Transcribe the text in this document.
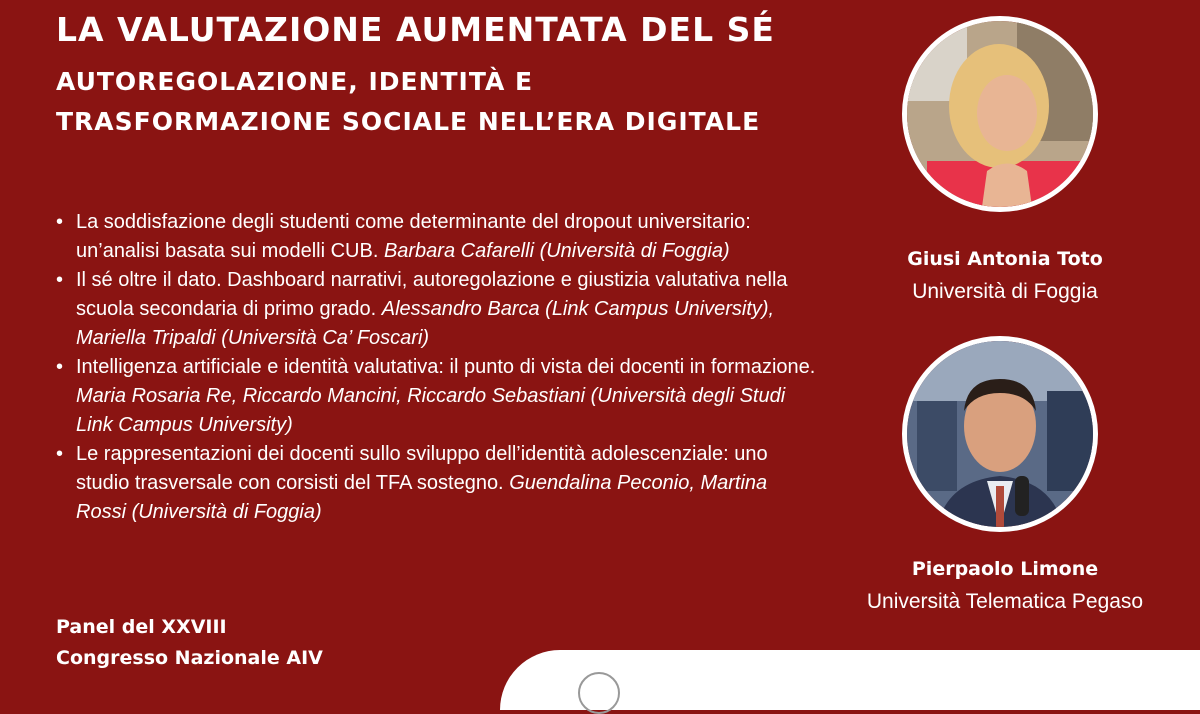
LA VALUTAZIONE AUMENTATA DEL SÉ
AUTOREGOLAZIONE, IDENTITÀ E TRASFORMAZIONE SOCIALE NELL’ERA DIGITALE
• La soddisfazione degli studenti come determinante del dropout universitario: un’analisi basata sui modelli CUB. Barbara Cafarelli (Università di Foggia)
• Il sé oltre il dato. Dashboard narrativi, autoregolazione e giustizia valutativa nella scuola secondaria di primo grado. Alessandro Barca (Link Campus University), Mariella Tripaldi (Università Ca’ Foscari)
• Intelligenza artificiale e identità valutativa: il punto di vista dei docenti in formazione. Maria Rosaria Re, Riccardo Mancini, Riccardo Sebastiani (Università degli Studi Link Campus University)
• Le rappresentazioni dei docenti sullo sviluppo dell’identità adolescenziale: uno studio trasversale con corsisti del TFA sostegno. Guendalina Peconio, Martina Rossi (Università di Foggia)
Panel del XXVIII
Congresso Nazionale AIV
Giusi Antonia Toto
Università di Foggia
Pierpaolo Limone
Università Telematica Pegaso
